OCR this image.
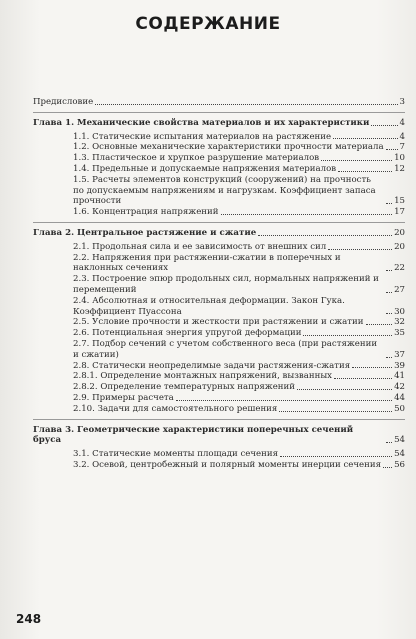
СОДЕРЖАНИЕ
Предисловие	3
Глава 1. Механические свойства материалов и их характеристики	4
1.1. Статические испытания материалов на растяжение	4
1.2. Основные механические характеристики прочности материала 7
1.3. Пластическое и хрупкое разрушение материалов	10
1.4. Предельные и допускаемые напряжения материалов	12
1.5. Расчеты элементов конструкций (сооружений) на прочность по допускаемым напряжениям и нагрузкам. Коэффициент запаса прочности	15
1.6. Концентрация напряжений	17
Глава 2. Центральное растяжение и сжатие	20
2.1. Продольная сила и ее зависимость от внешних сил	20
2.2. Напряжения при растяжении-сжатии в поперечных и наклонных сечениях	22
2.3. Построение эпюр продольных сил, нормальных напряжений и перемещений	27
2.4. Абсолютная и относительная деформации. Закон Гука. Коэффициент Пуассона	30
2.5. Условие прочности и жесткости при растяжении и сжатии	32
2.6. Потенциальная энергия упругой деформации	35
2.7. Подбор сечений с учетом собственного веса (при растяжении и сжатии)	37
2.8. Статически неопределимые задачи растяжения-сжатия	39
2.8.1. Определение монтажных напряжений, вызванных	41
2.8.2. Определение температурных напряжений	42
2.9. Примеры расчета	44
2.10. Задачи для самостоятельного решения	50
Глава 3. Геометрические характеристики поперечных сечений бруса	54
3.1. Статические моменты площади сечения	54
3.2. Осевой, центробежный и полярный моменты инерции сечения 56
248
